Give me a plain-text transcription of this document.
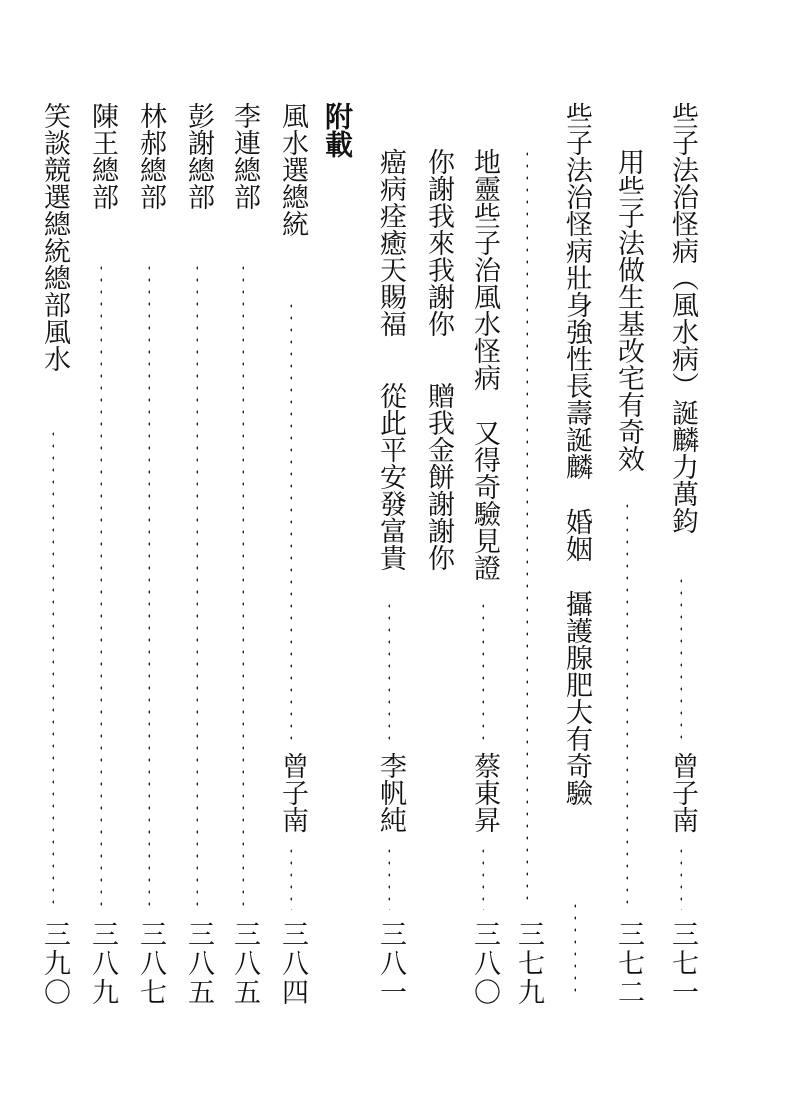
些子法治怪病（風水病）誕麟力萬鈞
曾子南
三七一
用些子法做生基改宅有奇效
三七二
些子法治怪病壯身強性長壽誕麟婚姻攝護腺肥大有奇驗
三七九
地靈些子治風水怪病又得奇驗見證
蔡東昇
三八〇
你謝我來我謝你贈我金餅謝謝你
癌病痊癒天賜福從此平安發富貴
李帆純
三八一
附載
風水選總統
曾子南
三八四
李連總部
三八五
彭謝總部
三八五
林郝總部
三八七
陳王總部
三八九
笑談競選總統總部風水
三九〇
